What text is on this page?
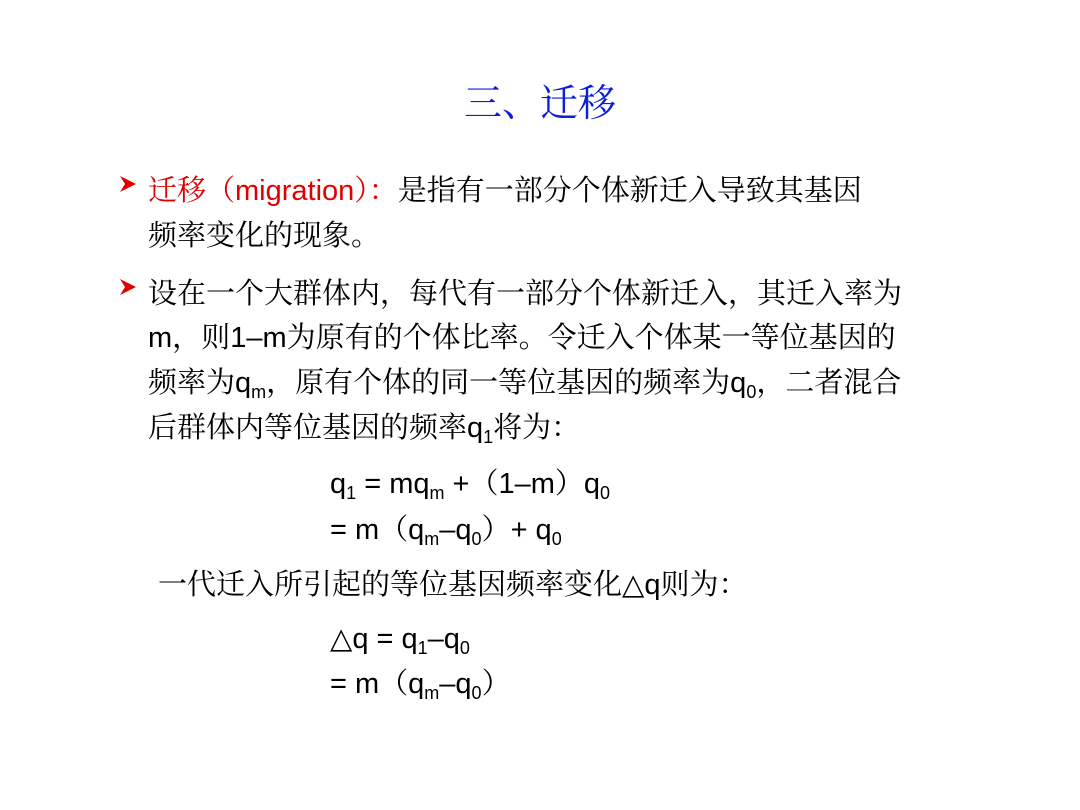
三、迁移
迁移（migration）：是指有一部分个体新迁入导致其基因
频率变化的现象。
设在一个大群体内，每代有一部分个体新迁入，其迁入率为
m，则1–m为原有的个体比率。令迁入个体某一等位基因的
频率为$q_m$，原有个体的同一等位基因的频率为$q_0$，二者混合
后群体内等位基因的频率$q_1$将为：
$q_1 = mq_m +(1-m)q_0$
= $m(q_m-q_0)+ q_0$
一代迁入所引起的等位基因频率变化△q则为：
△q = $q_1-q_0$
= $m(q_m-q_0)$
